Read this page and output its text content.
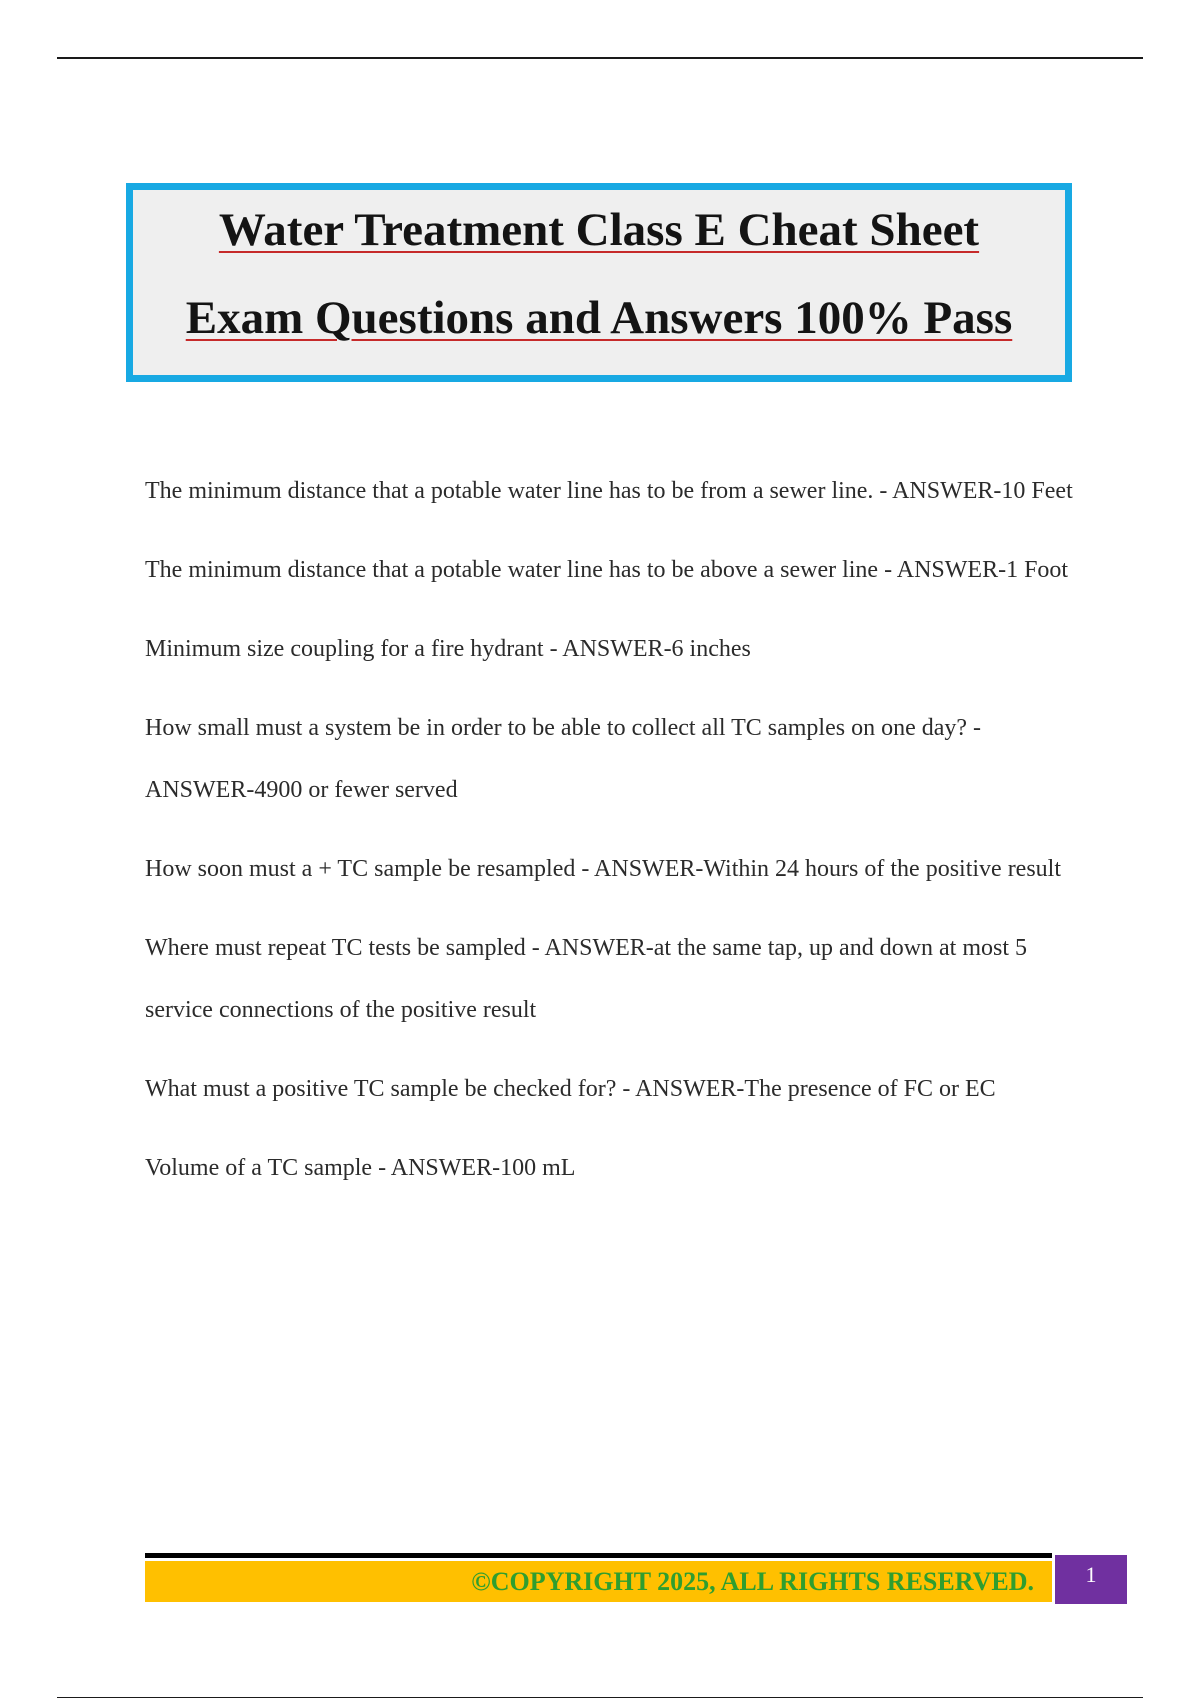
Water Treatment Class E Cheat Sheet
Exam Questions and Answers 100% Pass

The minimum distance that a potable water line has to be from a sewer line. - ANSWER-10 Feet

The minimum distance that a potable water line has to be above a sewer line - ANSWER-1 Foot

Minimum size coupling for a fire hydrant - ANSWER-6 inches

How small must a system be in order to be able to collect all TC samples on one day? - ANSWER-4900 or fewer served

How soon must a + TC sample be resampled - ANSWER-Within 24 hours of the positive result

Where must repeat TC tests be sampled - ANSWER-at the same tap, up and down at most 5 service connections of the positive result

What must a positive TC sample be checked for? - ANSWER-The presence of FC or EC

Volume of a TC sample - ANSWER-100 mL

©COPYRIGHT 2025, ALL RIGHTS RESERVED.	1
